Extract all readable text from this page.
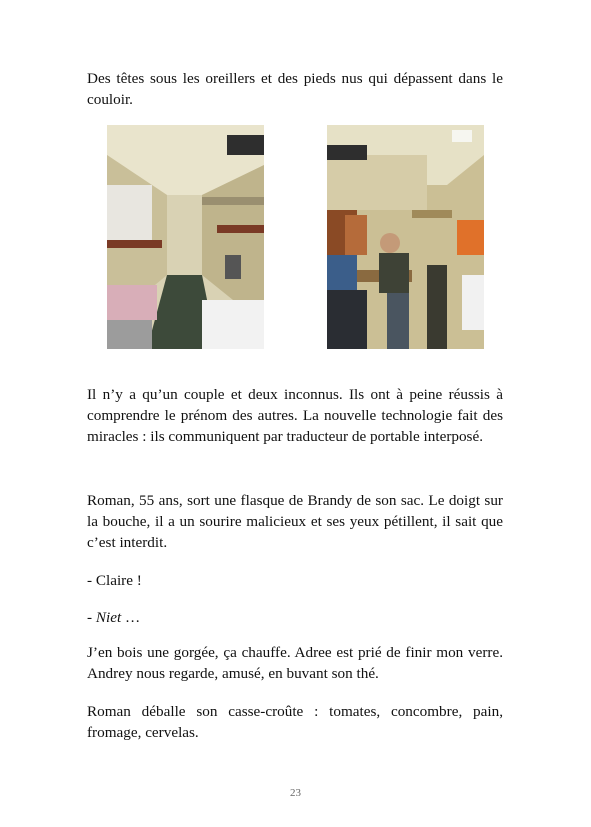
Des têtes sous les oreillers et des pieds nus qui dépassent dans le couloir.

Il n’y a qu’un couple et deux inconnus. Ils ont à peine réussis à comprendre le prénom des autres. La nouvelle technologie fait des miracles : ils communiquent par traducteur de portable interposé.

Roman, 55 ans, sort une flasque de Brandy de son sac. Le doigt sur la bouche, il a un sourire malicieux et ses yeux pétillent, il sait que c’est interdit.

- Claire !

- Niet …

J’en bois une gorgée, ça chauffe. Adree est prié de finir mon verre. Andrey nous regarde, amusé, en buvant son thé.

Roman déballe son casse-croûte : tomates, concombre, pain, fromage, cervelas.

23
